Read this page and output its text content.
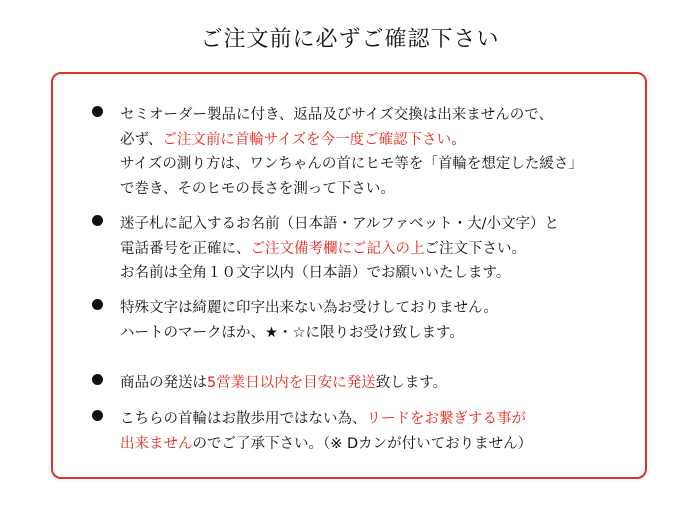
ご注文前に必ずご確認下さい
セミオーダー製品に付き、返品及びサイズ交換は出来ませんので、
必ず、ご注文前に首輪サイズを今一度ご確認下さい。
サイズの測り方は、ワンちゃんの首にヒモ等を「首輪を想定した緩さ」
で巻き、そのヒモの長さを測って下さい。
迷子札に記入するお名前（日本語・アルファベット・大/小文字）と
電話番号を正確に、ご注文備考欄にご記入の上ご注文下さい。
お名前は全角１０文字以内（日本語）でお願いいたします。
特殊文字は綺麗に印字出来ない為お受けしておりません。
ハートのマークほか、★・☆に限りお受け致します。
商品の発送は5営業日以内を目安に発送致します。
こちらの首輪はお散歩用ではない為、リードをお繋ぎする事が
出来ませんのでご了承下さい。（※ Dカンが付いておりません）
